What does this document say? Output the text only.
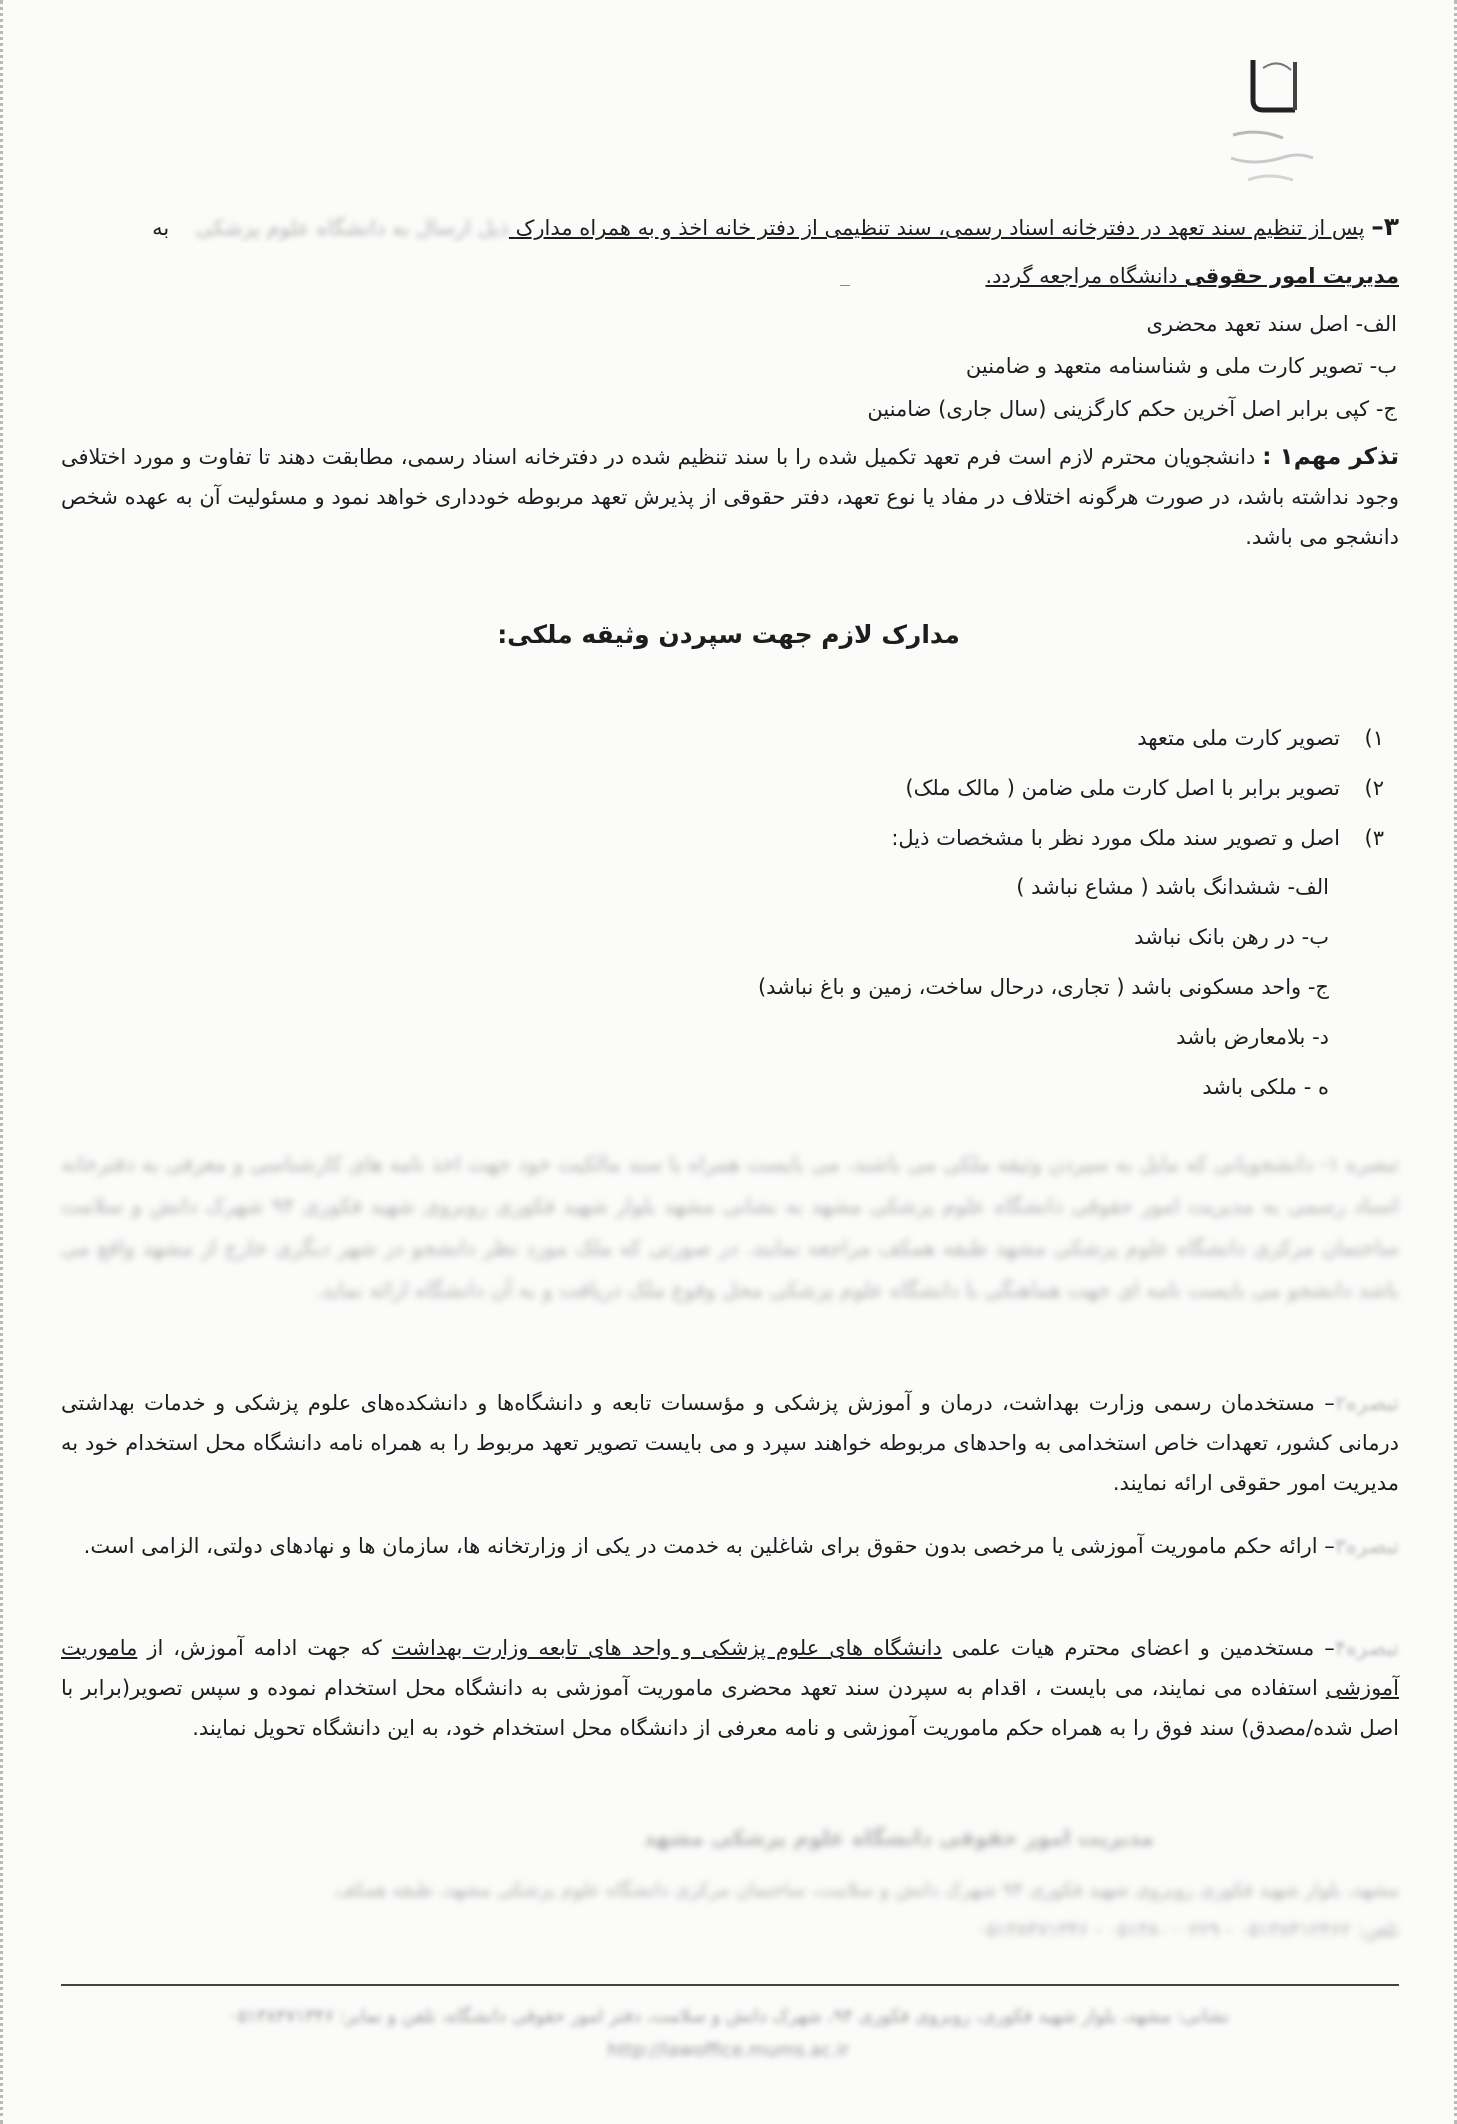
۳– پس از تنظیم سند تعهد در دفترخانه اسناد رسمی، سند تنظیمی از دفتر خانه اخذ و به همراه مدارک ذیل ارسال به دانشگاه علوم پزشکی به
مدیریت امور حقوقی دانشگاه مراجعه گردد.
الف- اصل سند تعهد محضری
ب- تصویر کارت ملی و شناسنامه متعهد و ضامنین
ج- کپی برابر اصل آخرین حکم کارگزینی (سال جاری) ضامنین
تذکر مهم۱ : دانشجویان محترم لازم است فرم تعهد تکمیل شده را با سند تنظیم شده در دفترخانه اسناد رسمی، مطابقت دهند تا تفاوت و مورد اختلافی وجود نداشته باشد، در صورت هرگونه اختلاف در مفاد یا نوع تعهد، دفتر حقوقی از پذیرش تعهد مربوطه خودداری خواهد نمود و مسئولیت آن به عهده شخص دانشجو می باشد.
مدارک لازم جهت سپردن وثیقه ملکی:
۱)تصویر کارت ملی متعهد
۲)تصویر برابر با اصل کارت ملی ضامن ( مالک ملک)
۳)اصل و تصویر سند ملک مورد نظر با مشخصات ذیل:
الف- ششدانگ باشد ( مشاع نباشد )
ب- در رهن بانک نباشد
ج- واحد مسکونی باشد ( تجاری، درحال ساخت، زمین و باغ نباشد)
د- بلامعارض باشد
ه - ملکی باشد
تبصره ۱- دانشجویانی که مایل به سپردن وثیقه ملکی می باشند، می بایست همراه با سند مالکیت خود جهت اخذ نامه های کارشناسی و معرفی به دفترخانه اسناد رسمی به مدیریت امور حقوقی دانشگاه علوم پزشکی مشهد به نشانی مشهد بلوار شهید فکوری روبروی شهید فکوری ۹۴ شهرک دانش و سلامت ساختمان مرکزی دانشگاه علوم پزشکی مشهد طبقه همکف مراجعه نمایند. در صورتی که ملک مورد نظر دانشجو در شهر دیگری خارج از مشهد واقع می باشد دانشجو می بایست نامه ای جهت هماهنگی با دانشگاه علوم پزشکی محل وقوع ملک دریافت و به آن دانشگاه ارائه نماید.
تبصره۲– مستخدمان رسمی وزارت بهداشت، درمان و آموزش پزشکی و مؤسسات تابعه و دانشگاه‌ها و دانشکده‌های علوم پزشکی و خدمات بهداشتی درمانی کشور، تعهدات خاص استخدامی به واحدهای مربوطه خواهند سپرد و می بایست تصویر تعهد مربوط را به همراه نامه دانشگاه محل استخدام خود به مدیریت امور حقوقی ارائه نمایند.
تبصره۳– ارائه حکم ماموریت آموزشی یا مرخصی بدون حقوق برای شاغلین به خدمت در یکی از وزارتخانه ها، سازمان ها و نهادهای دولتی، الزامی است.
تبصره۴– مستخدمین و اعضای محترم هیات علمی دانشگاه های علوم پزشکی و واحد های تابعه وزارت بهداشت که جهت ادامه آموزش، از ماموریت آموزشی استفاده می نمایند، می بایست ، اقدام به سپردن سند تعهد محضری ماموریت آموزشی به دانشگاه محل استخدام نموده و سپس تصویر(برابر با اصل شده/مصدق) سند فوق را به همراه حکم ماموریت آموزشی و نامه معرفی از دانشگاه محل استخدام خود، به این دانشگاه تحویل نمایند.
مدیریت امور حقوقی دانشگاه علوم پزشکی مشهد
مشهد، بلوار شهید فکوری روبروی شهید فکوری ۹۴ شهرک دانش و سلامت، ساختمان مرکزی دانشگاه علوم پزشکی مشهد، طبقه همکف
تلفن: ۰۵۱۳۸۴۱۲۴۶۲ - ۰۵۱۳۸۰۰۰۲۲۹ - ۰۵۱۳۸۴۷۱۳۴۶
نشانی: مشهد، بلوار شهید فکوری، روبروی فکوری ۹۴، شهرک دانش و سلامت، دفتر امور حقوقی دانشگاه، تلفن و نمابر: ۰۵۱۳۸۴۷۱۳۴۶
http://lawoffice.mums.ac.ir
